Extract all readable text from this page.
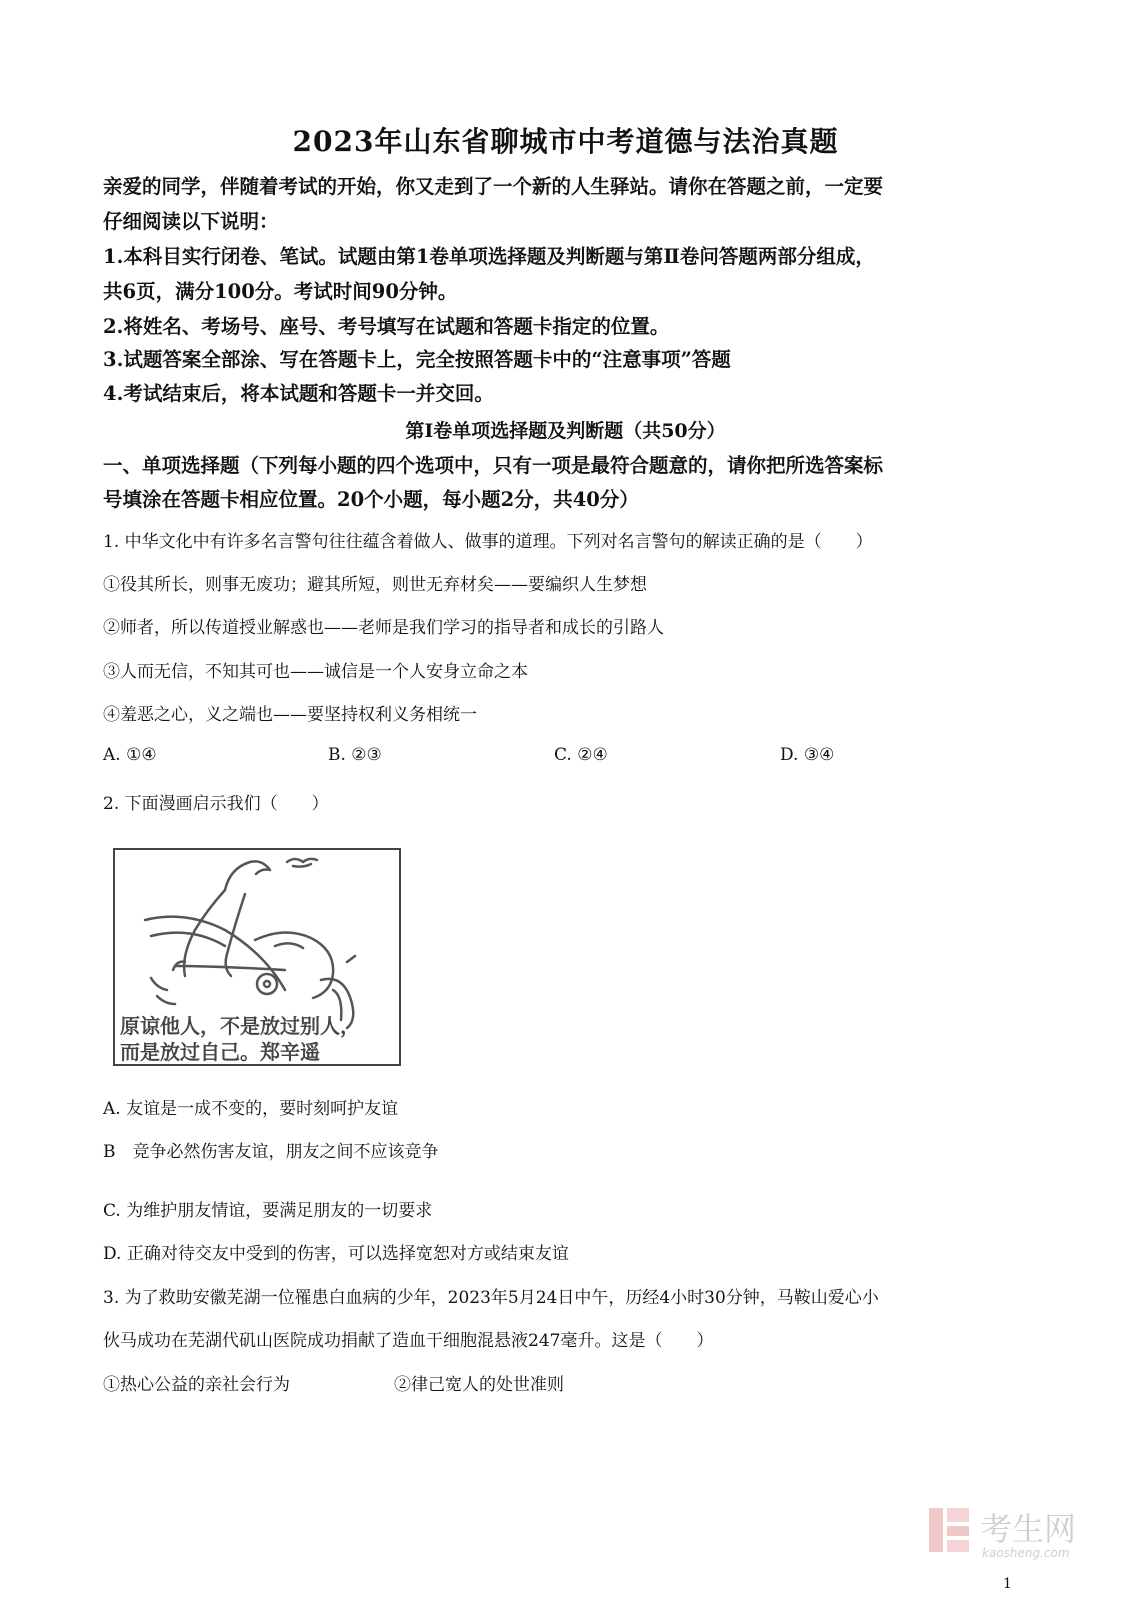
2023年山东省聊城市中考道德与法治真题
亲爱的同学，伴随着考试的开始，你又走到了一个新的人生驿站。请你在答题之前，一定要
仔细阅读以下说明：
1.本科目实行闭卷、笔试。试题由第1卷单项选择题及判断题与第Ⅱ卷问答题两部分组成，
共6页，满分100分。考试时间90分钟。
2.将姓名、考场号、座号、考号填写在试题和答题卡指定的位置。
3.试题答案全部涂、写在答题卡上，完全按照答题卡中的“注意事项”答题
4.考试结束后，将本试题和答题卡一并交回。
第I卷单项选择题及判断题（共50分）
一、单项选择题（下列每小题的四个选项中，只有一项是最符合题意的，请你把所选答案标
号填涂在答题卡相应位置。20个小题，每小题2分，共40分）
1. 中华文化中有许多名言警句往往蕴含着做人、做事的道理。下列对名言警句的解读正确的是（　　）
①役其所长，则事无废功；避其所短，则世无弃材矣——要编织人生梦想
②师者，所以传道授业解惑也——老师是我们学习的指导者和成长的引路人
③人而无信，不知其可也——诚信是一个人安身立命之本
④羞恶之心，义之端也——要坚持权利义务相统一
A. ①④	B. ②③	C. ②④	D. ③④
2. 下面漫画启示我们（　　）
原谅他人，不是放过别人，
而是放过自己。郑辛遥
A. 友谊是一成不变的，要时刻呵护友谊
B　竞争必然伤害友谊，朋友之间不应该竞争
C. 为维护朋友情谊，要满足朋友的一切要求
D. 正确对待交友中受到的伤害，可以选择宽恕对方或结束友谊
3. 为了救助安徽芜湖一位罹患白血病的少年，2023年5月24日中午，历经4小时30分钟，马鞍山爱心小
伙马成功在芜湖代矶山医院成功捐献了造血干细胞混悬液247毫升。这是（　　）
①热心公益的亲社会行为	②律己宽人的处世准则
考生网
kaosheng.com
1
